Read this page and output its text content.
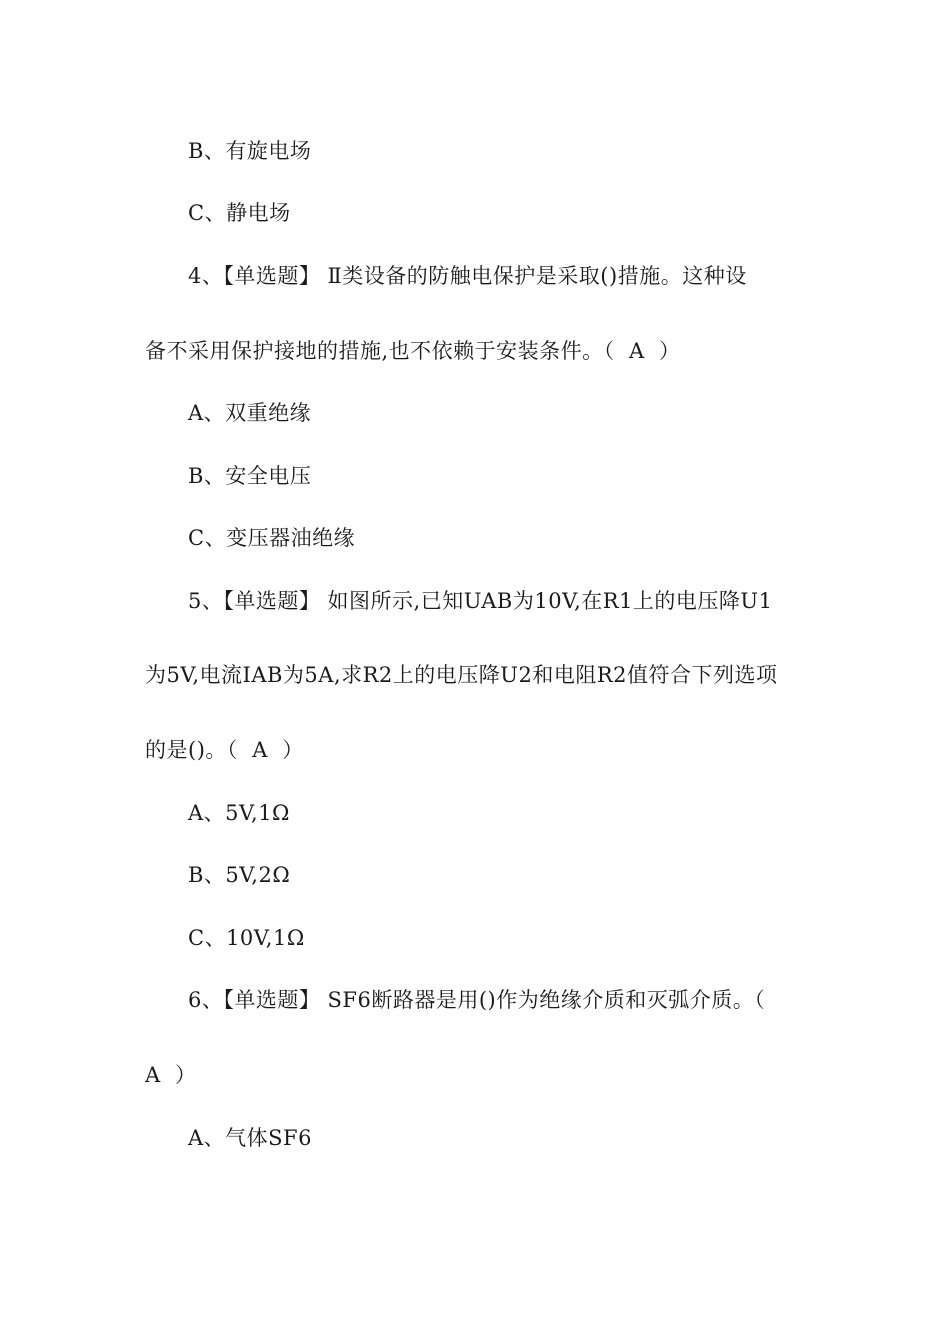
B、有旋电场
C、静电场
4、【单选题】 Ⅱ类设备的防触电保护是采取()措施。这种设
备不采用保护接地的措施,也不依赖于安装条件。（  A  ）
A、双重绝缘
B、安全电压
C、变压器油绝缘
5、【单选题】 如图所示,已知UAB为10V,在R1上的电压降U1
为5V,电流IAB为5A,求R2上的电压降U2和电阻R2值符合下列选项
的是()。（  A  ）
A、5V,1Ω
B、5V,2Ω
C、10V,1Ω
6、【单选题】 SF6断路器是用()作为绝缘介质和灭弧介质。（
A  ）
A、气体SF6
